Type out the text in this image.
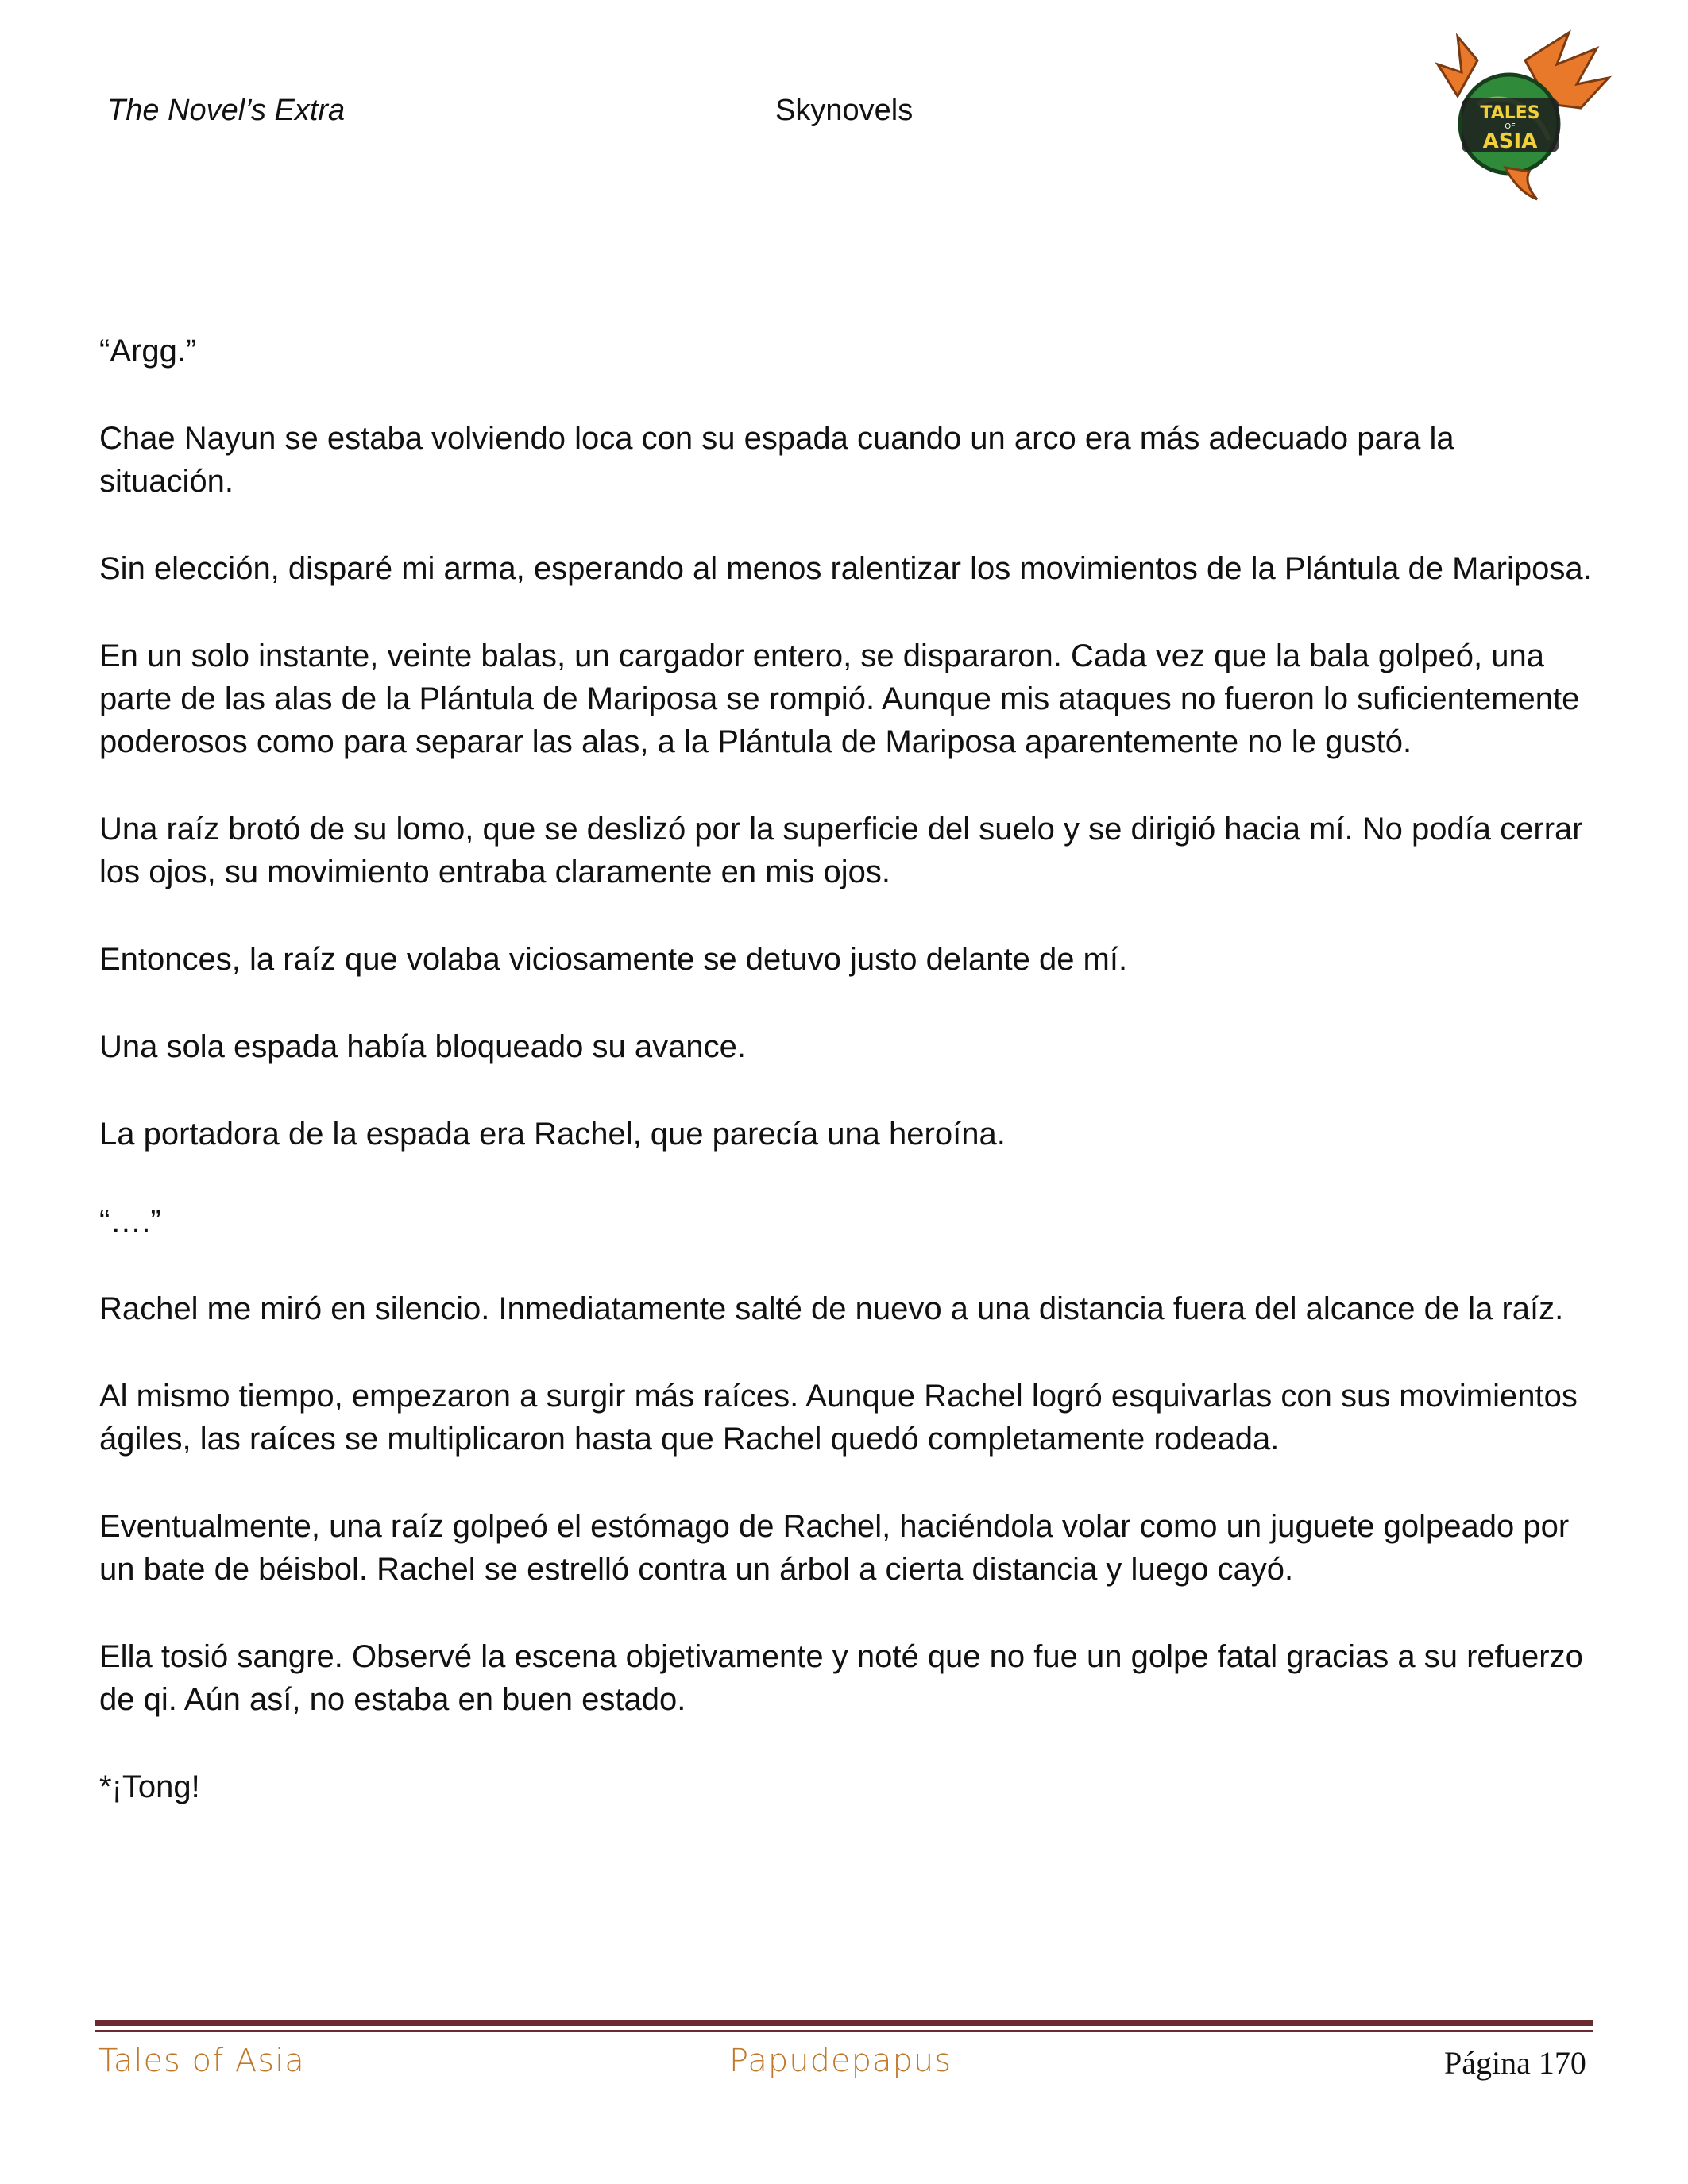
The Novel’s Extra	Skynovels	TALES
OF
ASIA

“Argg.”

Chae Nayun se estaba volviendo loca con su espada cuando un arco era más adecuado para la situación.

Sin elección, disparé mi arma, esperando al menos ralentizar los movimientos de la Plántula de Mariposa.

En un solo instante, veinte balas, un cargador entero, se dispararon. Cada vez que la bala golpeó, una parte de las alas de la Plántula de Mariposa se rompió. Aunque mis ataques no fueron lo suficientemente poderosos como para separar las alas, a la Plántula de Mariposa aparentemente no le gustó.

Una raíz brotó de su lomo, que se deslizó por la superficie del suelo y se dirigió hacia mí. No podía cerrar los ojos, su movimiento entraba claramente en mis ojos.

Entonces, la raíz que volaba viciosamente se detuvo justo delante de mí.

Una sola espada había bloqueado su avance.

La portadora de la espada era Rachel, que parecía una heroína.

“….”

Rachel me miró en silencio. Inmediatamente salté de nuevo a una distancia fuera del alcance de la raíz.

Al mismo tiempo, empezaron a surgir más raíces. Aunque Rachel logró esquivarlas con sus movimientos ágiles, las raíces se multiplicaron hasta que Rachel quedó completamente rodeada.

Eventualmente, una raíz golpeó el estómago de Rachel, haciéndola volar como un juguete golpeado por un bate de béisbol. Rachel se estrelló contra un árbol a cierta distancia y luego cayó.

Ella tosió sangre. Observé la escena objetivamente y noté que no fue un golpe fatal gracias a su refuerzo de qi. Aún así, no estaba en buen estado.

*¡Tong!

Tales of Asia	Papudepapus	Página 170
